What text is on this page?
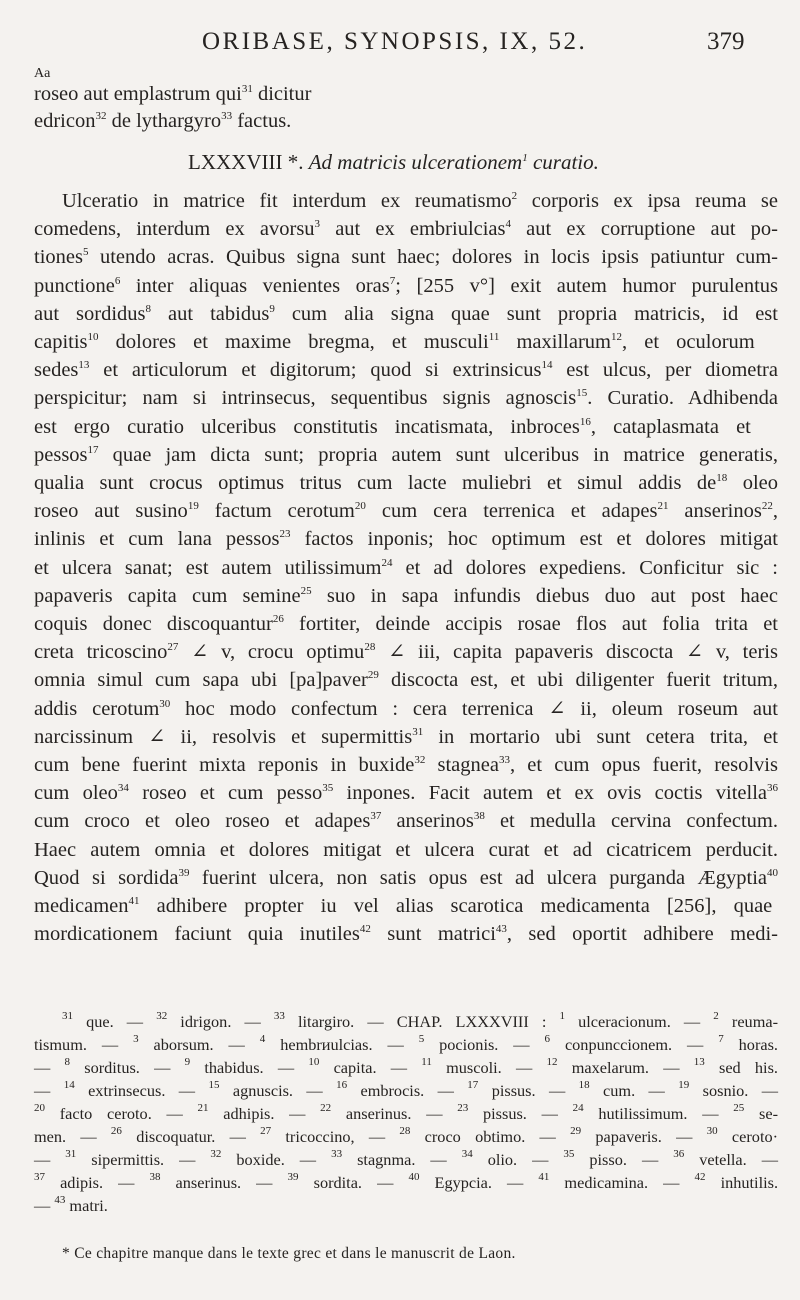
ORIBASE, SYNOPSIS, IX, 52.	379
Aa
roseo aut emplastrum qui$^{31}$ dicitur
edricon$^{32}$ de lythargyro$^{33}$ factus.
LXXXVIII *. Ad matricis ulcerationem$^1$ curatio.
Ulceratio in matrice fit interdum ex reumatismo$^2$ corporis ex ipsa reuma se
comedens, interdum ex avorsu$^3$ aut ex embriulcias$^4$ aut ex corruptione aut po-
tiones$^5$ utendo acras. Quibus signa sunt haec; dolores in locis ipsis patiuntur cum-
punctione$^6$ inter aliquas venientes oras$^7$; [255 v°] exit autem humor purulentus
aut sordidus$^8$ aut tabidus$^9$ cum alia signa quae sunt propria matricis, id est
capitis$^{10}$ dolores et maxime bregma, et musculi$^{11}$ maxillarum$^{12}$, et oculorum
sedes$^{13}$ et articulorum et digitorum; quod si extrinsicus$^{14}$ est ulcus, per diometra
perspicitur; nam si intrinsecus, sequentibus signis agnoscis$^{15}$. Curatio. Adhibenda
est ergo curatio ulceribus constitutis incatismata, inbroces$^{16}$, cataplasmata et
pessos$^{17}$ quae jam dicta sunt; propria autem sunt ulceribus in matrice generatis,
qualia sunt crocus optimus tritus cum lacte muliebri et simul addis $de^{18}$ oleo
roseo aut susino$^{19}$ factum cerotum$^{20}$ cum cera terrenica et adapes$^{21}$ anserinos$^{22}$,
inlinis et cum lana pessos$^{23}$ factos inponis; hoc optimum est et dolores mitigat
et ulcera sanat; est autem utilissimum$^{24}$ et ad dolores expediens. Conficitur sic :
papaveris capita cum semine$^{25}$ suo in sapa infundis diebus duo aut post haec
coquis donec discoquantur$^{26}$ fortiter, deinde accipis rosae flos aut folia trita et
creta tricoscino$^{27}$ ∠ v, crocu optimu$^{28}$ ∠ iii, capita papaveris discocta ∠ v, teris
omnia simul cum sapa ubi [pa]paver$^{29}$ discocta est, et ubi diligenter fuerit tritum,
addis cerotum$^{30}$ hoc modo confectum : cera terrenica ∠ ii, oleum roseum aut
narcissinum ∠ ii, resolvis et supermittis$^{31}$ in mortario ubi sunt cetera trita, et
cum bene fuerint mixta reponis in buxide$^{32}$ stagnea$^{33}$, et cum opus fuerit, resolvis
cum oleo$^{34}$ roseo et cum pesso$^{35}$ inpones. Facit autem et ex ovis coctis vitella$^{36}$
cum croco et oleo roseo et adapes$^{37}$ anserinos$^{38}$ et medulla cervina confectum.
Haec autem omnia et dolores mitigat et ulcera curat et ad cicatricem perducit.
Quod si sordida$^{39}$ fuerint ulcera, non satis opus est ad ulcera purganda Ægyptia$^{40}$
medicamen$^{41}$ adhibere propter iu vel alias scarotica medicamenta [256], quae
mordicationem faciunt quia inutiles$^{42}$ sunt matrici$^{43}$, sed oportit adhibere medi-
$^{31}$ que. — $^{32}$ idrigon. — $^{33}$ litargiro. — CHAP. LXXXVIII : $^1$ ulceracionum. — $^2$ reuma-
tismum. — $^3$ aborsum. — $^4$ hembrиulcias. — $^5$ pocionis. — $^6$ conpunccionem. — $^7$ horas.
— $^8$ sorditus. — $^9$ thabidus. — $^{10}$ capita. — $^{11}$ muscoli. — $^{12}$ maxelarum. — $^{13}$ sed his.
— $^{14}$ extrinsecus. — $^{15}$ agnuscis. — $^{16}$ embrocis. — $^{17}$ pissus. — $^{18}$ cum. — $^{19}$ sosnio. —
$^{20}$ facto ceroto. — $^{21}$ adhipis. — $^{22}$ anserinus. — $^{23}$ pissus. — $^{24}$ hutilissimum. — $^{25}$ se-
men. — $^{26}$ discoquatur. — $^{27}$ tricoccino, — $^{28}$ croco obtimo. — $^{29}$ papaveris. — $^{30}$ ceroto·
— $^{31}$ sipermittis. — $^{32}$ boxide. — $^{33}$ stagnma. — $^{34}$ olio. — $^{35}$ pisso. — $^{36}$ vetella. —
$^{37}$ adipis. — $^{38}$ anserinus. — $^{39}$ sordita. — $^{40}$ Egypcia. — $^{41}$ medicamina. — $^{42}$ inhutilis.
— $^{43}$ matri.
* Ce chapitre manque dans le texte grec et dans le manuscrit de Laon.
